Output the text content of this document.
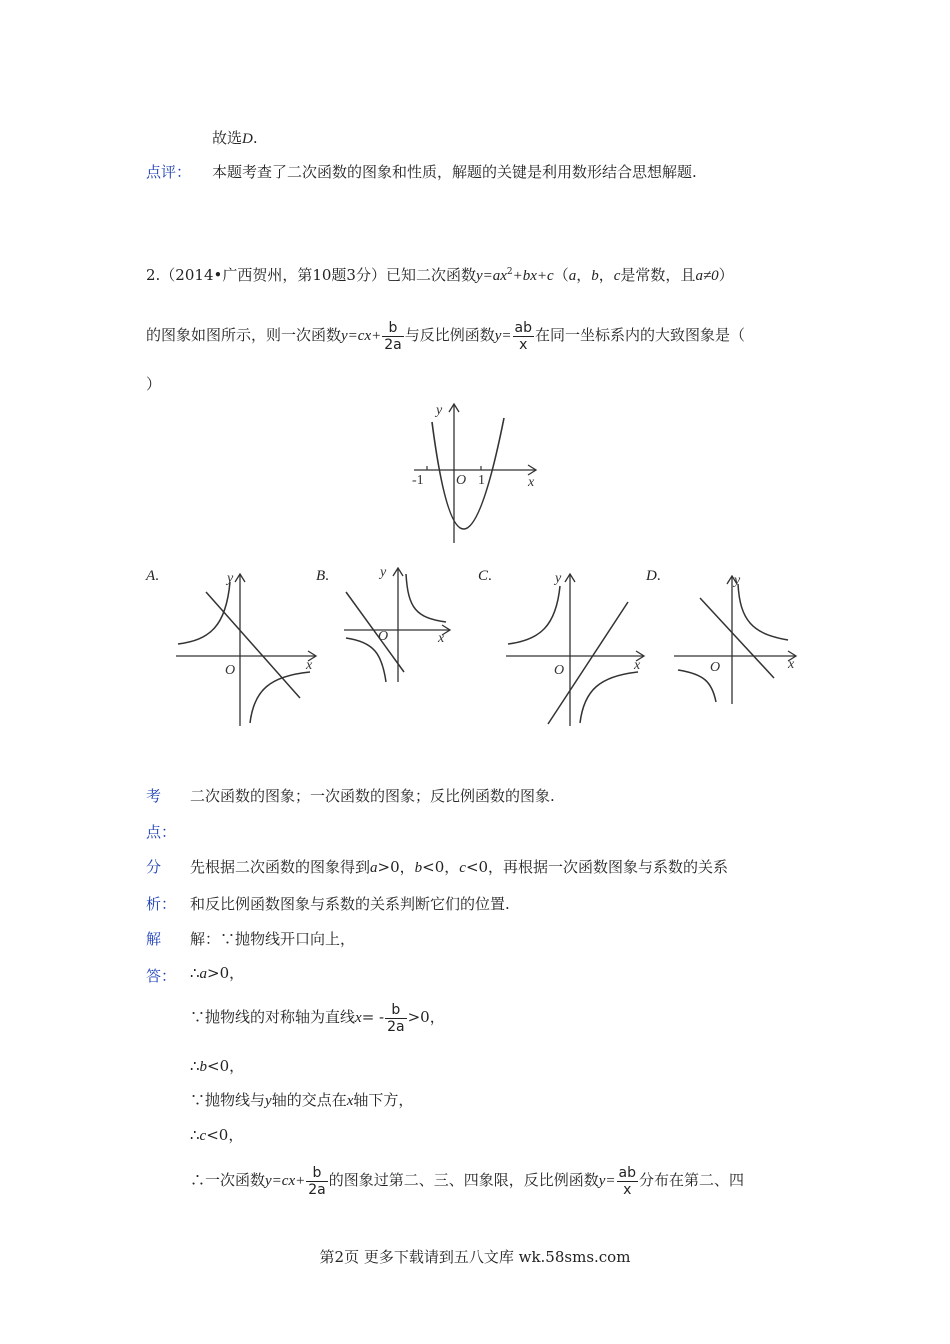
故选D.
点评： 本题考查了二次函数的图象和性质，解题的关键是利用数形结合思想解题.
2.（2014•广西贺州，第10题3分）已知二次函数$y=ax^2+bx+c(a$，b，c是常数，且a≠0）
的图象如图所示，则一次函数$y=cx+ \frac{b}{2a}$ 与反比例函数$y= \frac{ab}{x}$ 在同一坐标系内的大致图象是（
）
y
x
O
-1	1
A.	B.	C.	D.
y
x
O
y
x
O
y
x
O
y
x
O
考
点：
二次函数的图象；一次函数的图象；反比例函数的图象.
分
析：
先根据二次函数的图象得到a>0，b<0，c<0，再根据一次函数图象与系数的关系
和反比例函数图象与系数的关系判断它们的位置.
解
答：
解：∵抛物线开口向上，
∴a>0，
∵抛物线的对称轴为直线$x= - \frac{b}{2a} >0$，
∴b<0，
∵抛物线与y轴的交点在x轴下方，
∴c<0，
∴一次函数$y=cx+ \frac{b}{2a}$ 的图象过第二、三、四象限，反比例函数$y= \frac{ab}{x}$ 分布在第二、四
第2页 更多下载请到五八文库 wk.58sms.com
